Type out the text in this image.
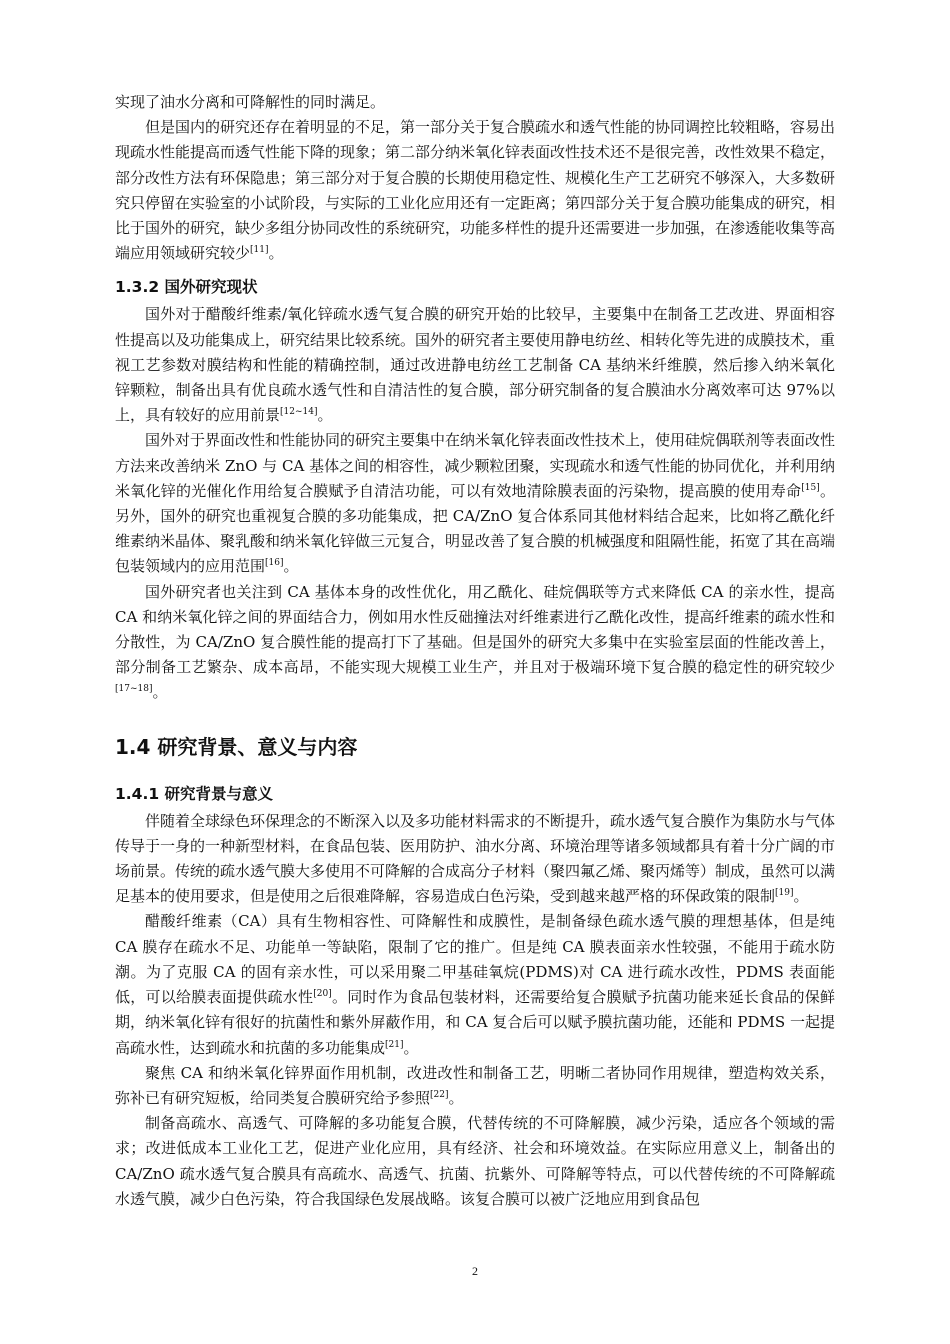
实现了油水分离和可降解性的同时满足。

但是国内的研究还存在着明显的不足，第一部分关于复合膜疏水和透气性能的协同调控比较粗略，容易出现疏水性能提高而透气性能下降的现象；第二部分纳米氧化锌表面改性技术还不是很完善，改性效果不稳定，部分改性方法有环保隐患；第三部分对于复合膜的长期使用稳定性、规模化生产工艺研究不够深入，大多数研究只停留在实验室的小试阶段，与实际的工业化应用还有一定距离；第四部分关于复合膜功能集成的研究，相比于国外的研究，缺少多组分协同改性的系统研究，功能多样性的提升还需要进一步加强，在渗透能收集等高端应用领域研究较少[11]。

1.3.2 国外研究现状

国外对于醋酸纤维素/氧化锌疏水透气复合膜的研究开始的比较早，主要集中在制备工艺改进、界面相容性提高以及功能集成上，研究结果比较系统。国外的研究者主要使用静电纺丝、相转化等先进的成膜技术，重视工艺参数对膜结构和性能的精确控制，通过改进静电纺丝工艺制备 CA 基纳米纤维膜，然后掺入纳米氧化锌颗粒，制备出具有优良疏水透气性和自清洁性的复合膜，部分研究制备的复合膜油水分离效率可达 97%以上，具有较好的应用前景[12~14]。

国外对于界面改性和性能协同的研究主要集中在纳米氧化锌表面改性技术上，使用硅烷偶联剂等表面改性方法来改善纳米 ZnO 与 CA 基体之间的相容性，减少颗粒团聚，实现疏水和透气性能的协同优化，并利用纳米氧化锌的光催化作用给复合膜赋予自清洁功能，可以有效地清除膜表面的污染物，提高膜的使用寿命[15]。另外，国外的研究也重视复合膜的多功能集成，把 CA/ZnO 复合体系同其他材料结合起来，比如将乙酰化纤维素纳米晶体、聚乳酸和纳米氧化锌做三元复合，明显改善了复合膜的机械强度和阻隔性能，拓宽了其在高端包装领域内的应用范围[16]。

国外研究者也关注到 CA 基体本身的改性优化，用乙酰化、硅烷偶联等方式来降低 CA 的亲水性，提高 CA 和纳米氧化锌之间的界面结合力，例如用水性反础撞法对纤维素进行乙酰化改性，提高纤维素的疏水性和分散性，为 CA/ZnO 复合膜性能的提高打下了基础。但是国外的研究大多集中在实验室层面的性能改善上，部分制备工艺繁杂、成本高昂，不能实现大规模工业生产，并且对于极端环境下复合膜的稳定性的研究较少[17~18]。

1.4 研究背景、意义与内容
1.4.1 研究背景与意义

伴随着全球绿色环保理念的不断深入以及多功能材料需求的不断提升，疏水透气复合膜作为集防水与气体传导于一身的一种新型材料，在食品包装、医用防护、油水分离、环境治理等诸多领域都具有着十分广阔的市场前景。传统的疏水透气膜大多使用不可降解的合成高分子材料（聚四氟乙烯、聚丙烯等）制成，虽然可以满足基本的使用要求，但是使用之后很难降解，容易造成白色污染，受到越来越严格的环保政策的限制[19]。

醋酸纤维素（CA）具有生物相容性、可降解性和成膜性，是制备绿色疏水透气膜的理想基体，但是纯 CA 膜存在疏水不足、功能单一等缺陷，限制了它的推广。但是纯 CA 膜表面亲水性较强，不能用于疏水防潮。为了克服 CA 的固有亲水性，可以采用聚二甲基硅氧烷(PDMS)对 CA 进行疏水改性，PDMS 表面能低，可以给膜表面提供疏水性[20]。同时作为食品包装材料，还需要给复合膜赋予抗菌功能来延长食品的保鲜期，纳米氧化锌有很好的抗菌性和紫外屏蔽作用，和 CA 复合后可以赋予膜抗菌功能，还能和 PDMS 一起提高疏水性，达到疏水和抗菌的多功能集成[21]。

聚焦 CA 和纳米氧化锌界面作用机制，改进改性和制备工艺，明晰二者协同作用规律，塑造构效关系，弥补已有研究短板，给同类复合膜研究给予参照[22]。

制备高疏水、高透气、可降解的多功能复合膜，代替传统的不可降解膜，减少污染，适应各个领域的需求；改进低成本工业化工艺，促进产业化应用，具有经济、社会和环境效益。在实际应用意义上，制备出的 CA/ZnO 疏水透气复合膜具有高疏水、高透气、抗菌、抗紫外、可降解等特点，可以代替传统的不可降解疏水透气膜，减少白色污染，符合我国绿色发展战略。该复合膜可以被广泛地应用到食品包

2
